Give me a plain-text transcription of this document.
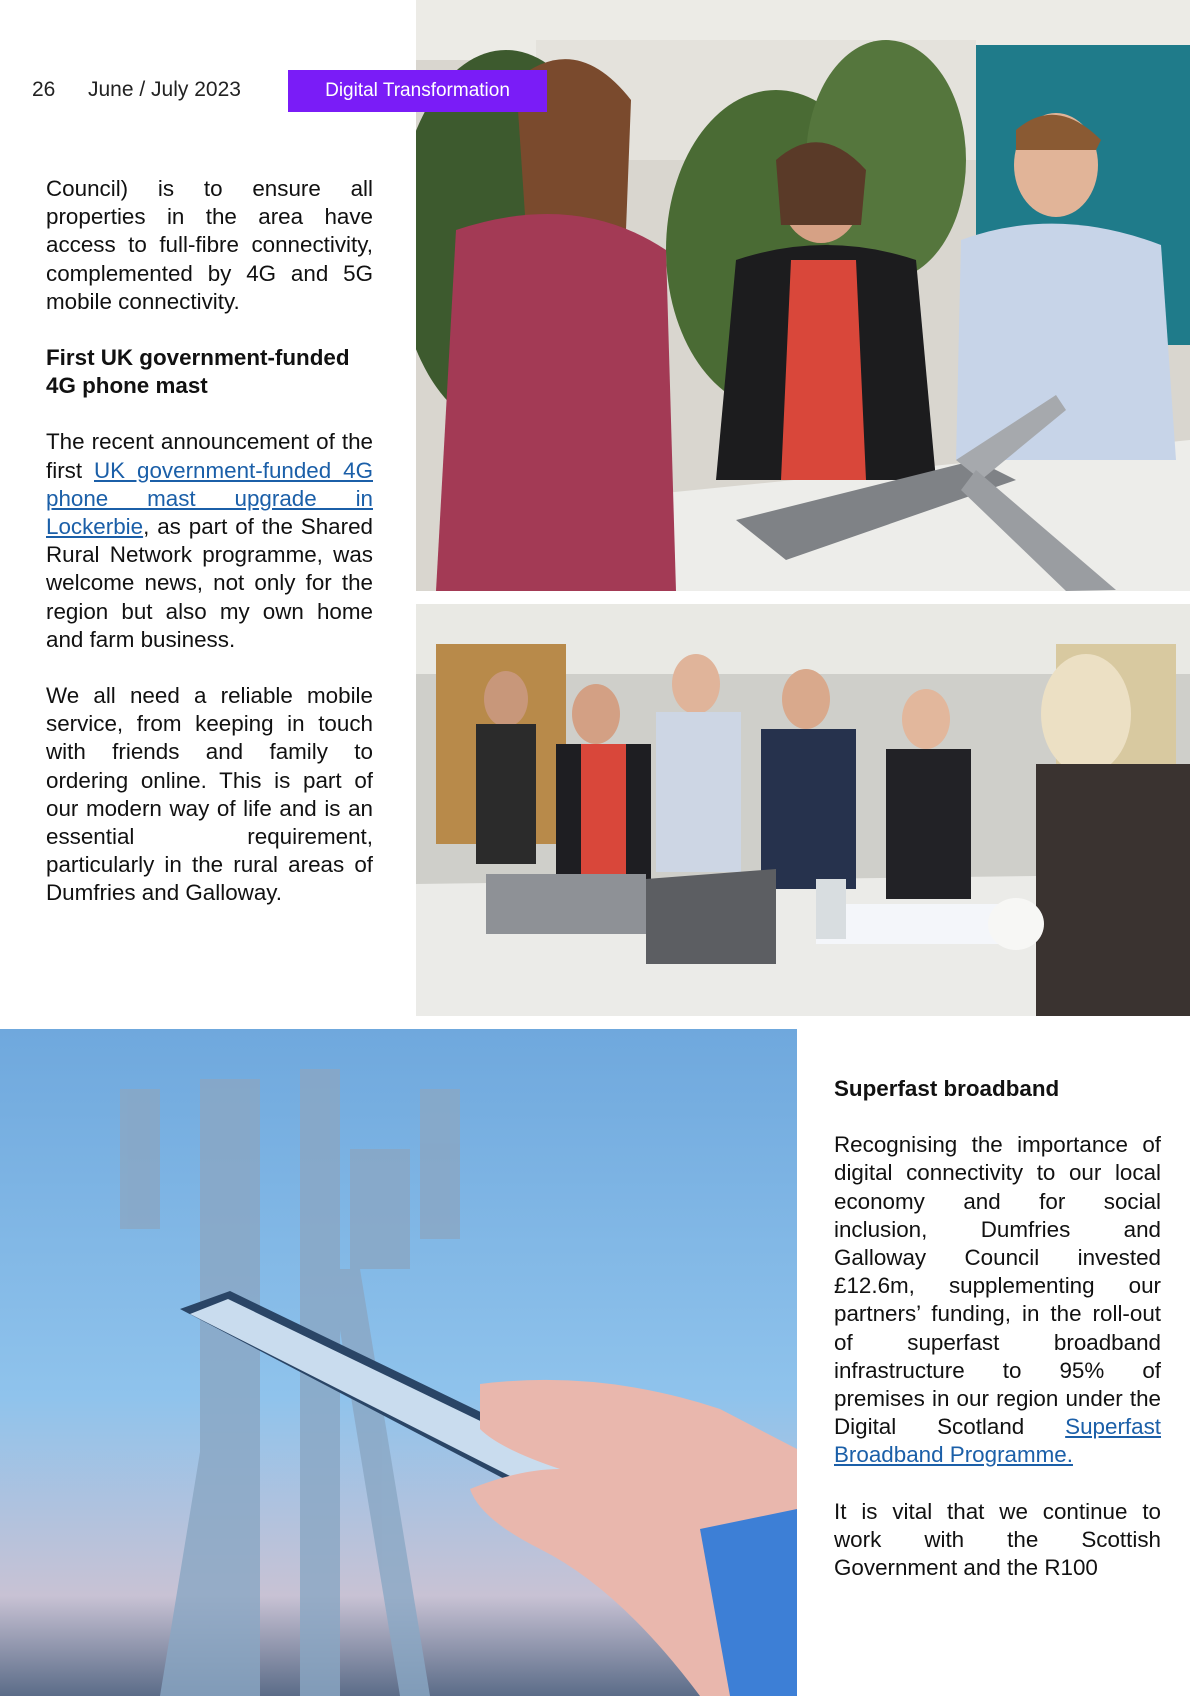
26 June / July 2023	Digital Transformation

Council) is to ensure all properties in the area have access to full-fibre connectivity, complemented by 4G and 5G mobile connectivity.

First UK government-funded 4G phone mast

The recent announcement of the first UK government-funded 4G phone mast upgrade in Lockerbie, as part of the Shared Rural Network programme, was welcome news, not only for the region but also my own home and farm business.

We all need a reliable mobile service, from keeping in touch with friends and family to ordering online. This is part of our modern way of life and is an essential requirement, particularly in the rural areas of Dumfries and Galloway.

Superfast broadband

Recognising the importance of digital connectivity to our local economy and for social inclusion, Dumfries and Galloway Council invested £12.6m, supplementing our partners’ funding, in the roll-out of superfast broadband infrastructure to 95% of premises in our region under the Digital Scotland Superfast Broadband Programme.

It is vital that we continue to work with the Scottish Government and the R100
